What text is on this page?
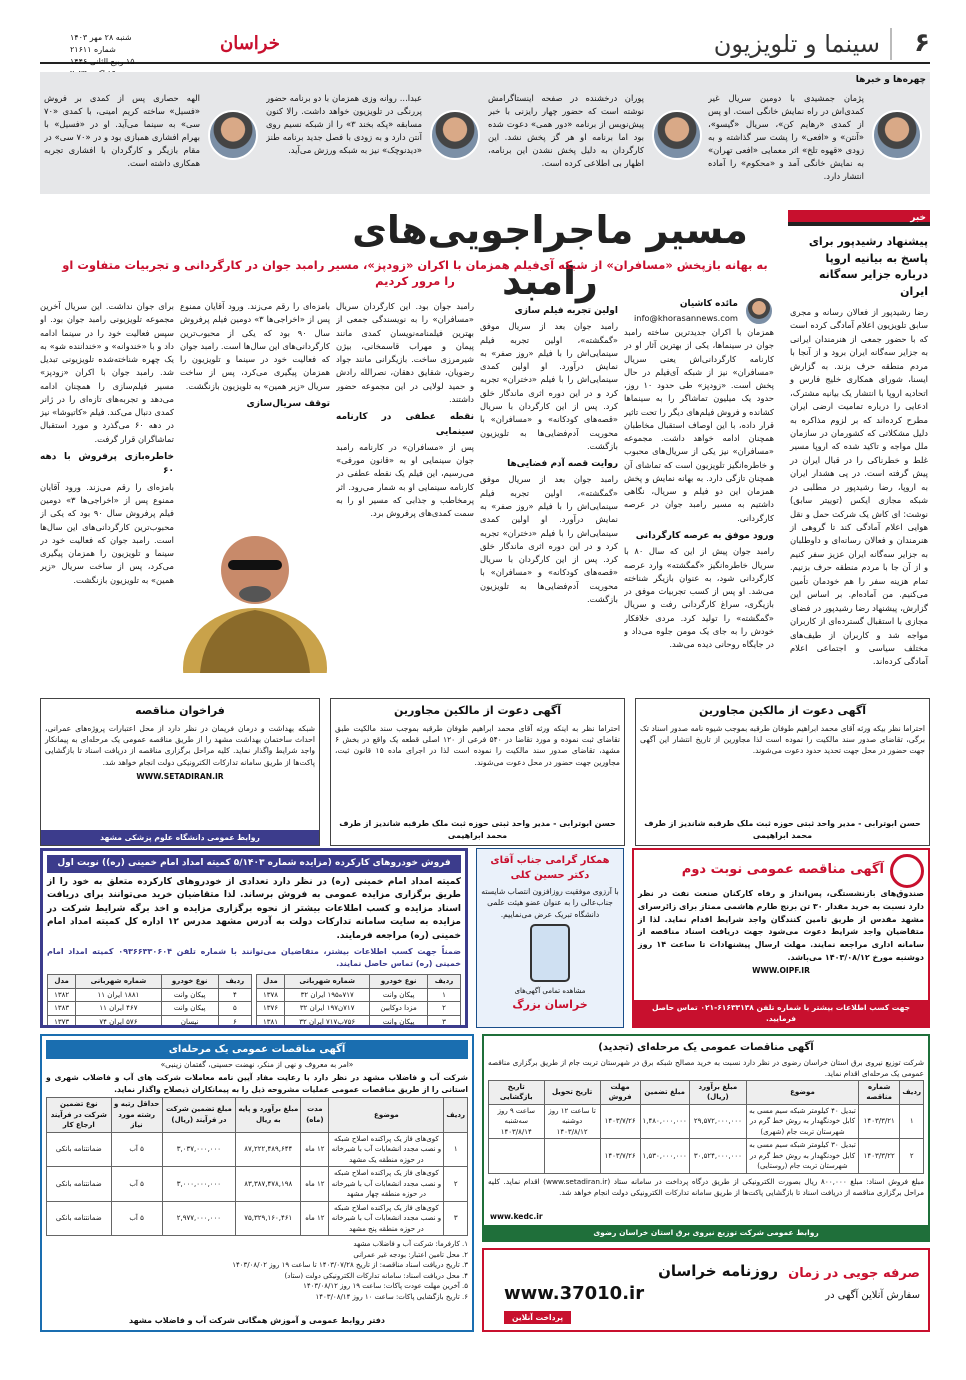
۶
سینما و تلویزیون
خراسان
شنبه ۲۸ مهر ۱۴۰۳
شماره ۲۱۶۱۱
۱۵ ربیع الثانی ۱۴۴۶
چهره‌ها و خبرها
پژمان جمشیدی با دومین سریال غیر کمدی‌اش در راه نمایش خانگی است. او پس از کمدی «رهایم کن»، سریال «گیسو»، «آنتن» و «افعی» را پشت سر گذاشته و به زودی «قهوه تلخ» اثر معمایی «افعی تهران» به نمایش خانگی آمد و «محکوم» را آماده انتشار دارد.
پوران درخشنده در صفحه اینستاگرامش نوشته است که حضور چهار رایزنی با خبر پیش‌نویس از برنامه «دور همی» دعوت شده بود اما برنامه او هر گز پخش نشد. این کارگردان به دلیل پخش نشدن این برنامه، اظهار بی اطلاعی کرده است.
عبدا... روانه وزی همزمان با دو برنامه حضور پررنگی در تلویزیون خواهد داشت. رالا کنون مسابقه «پکه بخند ۳» را از شبکه نسیم روی آنتن دارد و به زودی با فصل جدید برنامه طنز «دیدنوچک» نیز به شبکه ورزش می‌آید.
الهه حصاری پس از کمدی بر فروش «فسیل» ساخته کریم امینی، با کمدی «۷۰ سی» به سینما می‌آید. او در «فسیل» با بهرام افشاری همبازی بود و در «۷۰ سی» در مقام بازیگر و کارگردان با افشاری تجربه همکاری داشته است.
خبر
پیشنهاد رشیدپور برای پاسخ به بیانیه اروپا درباره جزایر سه‌گانه ایران

رضا رشیدپور از فعالان رسانه و مجری سابق تلویزیون اعلام آمادگی کرده است که با حضور جمعی از هنرمندان ایرانی به جزایر سه‌گانه ایران برود و از آنجا با مردم منطقه حرف بزند. به گزارش ایسنا، شورای همکاری خلیج فارس و اتحادیه اروپا با انتشار یک بیانیه مشترک، ادعایی را درباره تمامیت ارضی ایران مطرح کرده‌اند که بر لزوم مذاکره به دلیل مشکلاتی که کشورمان در سازمان ملل مواجه و تاکید شده که اروپا مسیر غلط و خطرناکی را در قبال ایران در پیش گرفته است. در پی هشدار ایران به اروپا، رضا رشیدپور در مطلبی در شبکه مجازی ایکس (توییتر سابق) نوشت: ای کاش یک شرکت حمل و نقل هوایی اعلام آمادگی کند تا گروهی از هنرمندان و فعالان رسانه‌ای و داوطلبان به جزایر سه‌گانه ایران عزیز سفر کنیم و از آن جا با مردم منطقه حرف بزنیم. تمام هزینه سفر را هم خودمان تأمین می‌کنیم. من آماده‌ام. بر اساس این گزارش، پیشنهاد رضا رشیدپور در فضای مجازی با استقبال گسترده‌ای از کاربران مواجه شد و کاربران از طیف‌های مختلف سیاسی و اجتماعی اعلام آمادگی کرده‌اند.

مسیر ماجراجویی‌های رامبد
به بهانه بازپخش «مسافران» از شبکه آی‌فیلم همزمان با اکران «زودپز»، مسیر رامبد جوان در کارگردانی و تجربیات متفاوت او را مرور کردیم
مائده کاشیان
info@khorasannews.com

همزمان با اکران جدیدترین ساخته رامبد جوان در سینماها، یکی از بهترین آثار او در کارنامه کارگردانی‌اش یعنی سریال «مسافران» نیز از شبکه آی‌فیلم در حال پخش است. «زودپز» طی حدود ۱۰ روز، حدود یک میلیون تماشاگر را به سینماها کشانده و فروش فیلم‌های دیگر را تحت تاثیر قرار داده، با این اوصاف استقبال مخاطبان همچنان ادامه خواهد داشت. مجموعه «مسافران» نیز یکی از سریال‌های محبوب و خاطره‌انگیز تلویزیون است که تماشای آن همچنان تازگی دارد. به بهانه نمایش و پخش همزمان این دو فیلم و سریال، نگاهی داشتیم به مسیر رامبد جوان در عرصه کارگردانی.

ورود موفق به عرصه کارگردانی

رامبد جوان پیش از این که سال ۸۰ با سریال خاطره‌انگیز «گمگشته» وارد عرصه کارگردانی شود، به عنوان بازیگر شناخته می‌شد. او پس از کسب تجربیات موفق در بازیگری، سراغ کارگردانی رفت و سریال «گمگشته» را تولید کرد. مردی خلافکار خودش را به جای یک مومن جلوه می‌داد و در جایگاه روحانی دیده می‌شد.

اولین تجربه فیلم سازی

رامبد جوان بعد از سریال موفق «گمگشته»، اولین تجربه فیلم سینمایی‌اش را با فیلم «روز صفر» به نمایش درآورد. او اولین کمدی سینمایی‌اش را با فیلم «دختران» تجربه کرد و در این دوره اثری ماندگار خلق کرد. پس از این کارگردان با سریال «قصه‌های کودکانه» و «مسافران» با محوریت آدم‌فضایی‌ها به تلویزیون بازگشت.

روایت قصه آدم فضایی‌ها

رامبد جوان بعد از سریال موفق «گمگشته»، اولین تجربه فیلم سینمایی‌اش را با فیلم «روز صفر» به نمایش درآورد. او اولین کمدی سینمایی‌اش را با فیلم «دختران» تجربه کرد و در این دوره اثری ماندگار خلق کرد. پس از این کارگردان با سریال «قصه‌های کودکانه» و «مسافران» با محوریت آدم‌فضایی‌ها به تلویزیون بازگشت.

رامبد جوان بود. این کارگردان سریال «مسافران» را به نویسندگی جمعی از بهترین فیلمنامه‌نویسان کمدی مانند پیمان و مهراب قاسمخانی، بیژن شیرمرزی ساخت. بازیگرانی مانند جواد رضویان، شقایق دهقان، نصرالله رادش و حمید لولایی در این مجموعه حضور داشتند.

نقطه عطفی در کارنامه سینمایی

پس از «مسافران» در کارنامه رامبد جوان سینمایی او به «قانون مورفی» می‌رسیم، این فیلم یک نقطه عطفی در کارنامه سینمایی او به شمار می‌رود. اثر پرمخاطب و جذابی که مسیر او را به سمت کمدی‌های پرفروش برد.

بامزه‌ای را رقم می‌زند. ورود آقایان ممنوع پس از «اخراجی‌ها ۳» دومین فیلم پرفروش سال ۹۰ بود که یکی از محبوب‌ترین کارگردانی‌های این سال‌ها است. رامبد جوان که فعالیت خود در سینما و تلویزیون را همزمان پیگیری می‌کرد، پس از ساخت سریال «زیر همین» به تلویزیون بازنگشت.

توقف سریال‌سازی

برای جوان نداشت. این سریال آخرین مجموعه تلویزیونی رامبد جوان بود. او سپس فعالیت خود را در سینما ادامه داد و با «خندوانه» و «خنداننده شو» به یک چهره شناخته‌شده تلویزیونی تبدیل شد. رامبد جوان با اکران «زودپز» مسیر فیلم‌سازی را همچنان ادامه می‌دهد و تجربه‌های تازه‌ای را در ژانر کمدی دنبال می‌کند. فیلم «کاتیوشا» نیز در دهه ۶۰ می‌گذرد و مورد استقبال تماشاگران قرار گرفت.

خاطره‌بازی پرفروش با دهه ۶۰

بامزه‌ای را رقم می‌زند. ورود آقایان ممنوع پس از «اخراجی‌ها ۳» دومین فیلم پرفروش سال ۹۰ بود که یکی از محبوب‌ترین کارگردانی‌های این سال‌ها است. رامبد جوان که فعالیت خود در سینما و تلویزیون را همزمان پیگیری می‌کرد، پس از ساخت سریال «زیر همین» به تلویزیون بازنگشت.

فراخوان مناقصه
شبکه بهداشت و درمان فریمان در نظر دارد از محل اعتبارات پروژه‌های عمرانی، احداث ساختمان بهداشت مشهد را از طریق مناقصه عمومی یک مرحله‌ای به پیمانکار واجد شرایط واگذار نماید. کلیه مراحل برگزاری مناقصه از دریافت اسناد تا بازگشایی پاکت‌ها از طریق سامانه تدارکات الکترونیکی دولت انجام خواهد شد.
WWW.SETADIRAN.IR
روابط عمومی دانشگاه علوم پزشکی مشهد
آگهی دعوت از مالکین مجاورین
احتراما نظر به اینکه ورثه آقای محمد ابراهیم طوفان طرقبه بموجب سند مالکیت طبق تقاضای ثبت نموده و مورد تقاضا در ۵۴۰ فرعی از ۱۲۰ اصلی قطعه یک واقع در بخش ۶ مشهد، تقاضای صدور سند مالکیت را نموده است لذا در اجرای ماده ۱۵ قانون ثبت، مجاورین جهت حضور در محل دعوت می‌شوند.
حسن ابوترابی - مدیر واحد ثبتی حوزه ثبت ملک طرقبه شاندیز از طرف محمد ابراهیمی
آگهی دعوت از مالکین مجاورین
احتراما نظر بیکه ورثه آقای محمد ابراهیم طوفان طرقبه بموجب شیوه نامه صدور اسناد تک برگی، تقاضای صدور سند مالکیت را نموده است لذا مجاورین از تاریخ انتشار این آگهی جهت حضور در محل جهت تحدید حدود دعوت می‌شوند.
حسن ابوترابی - مدیر واحد ثبتی حوزه ثبت ملک طرقبه شاندیز از طرف محمد ابراهیمی
فروش خودروهای کارکرده (مزایده شماره ۵/۱۴۰۳ کمیته امداد امام خمینی (ره)) نوبت اول
کمیته امداد امام خمینی (ره) در نظر دارد تعدادی از خودروهای کارکرده متعلق به خود را از طریق برگزاری مزایده عمومی به فروش برساند. لذا متقاضیان خرید می‌توانند برای دریافت اسناد مزایده و کسب اطلاعات بیشتر از نحوه برگزاری مزایده و اخذ برگه شرایط شرکت در مزایده به سایت سامانه تدارکات دولت به آدرس مشهد مدرس ۱۲ اداره کل کمیته امداد امام خمینی (ره) مراجعه فرمایند.
ضمناً جهت کسب اطلاعات بیشتر، متقاضیان می‌توانند با شماره تلفن ۰۹۳۶۶۳۳۰۶۰۴ کمیته امداد امام خمینی (ره) تماس حاصل نمایند.
ردیف	نوع خودرو	شماره شهربانی	مدل
۱	پیکان وانت	۷۱۷ه۱۹۵ ایران ۳۲	۱۳۷۸
۲	مزدا دوکابین	۷۱۷ن۱۹۷ ایران ۳۲	۱۳۷۶
۳	پیکان وانت	۷۵۶ب۷۱۷ ایران ۳۲	۱۳۸۱
ردیف	نوع خودرو	شماره شهربانی	مدل
۴	پیکان وانت	۱۸۸۱ ایران ۱۱	۱۳۸۲
۵	پیکان وانت	۴۶۷ ایران ۱۱	۱۳۸۳
۶	نیسان	۵۷۶ ایران ۷۴	۱۳۷۳
همکار گرامی جناب آقای دکتر حسین کلی
با آرزوی موفقیت روزافزون انتصاب شایسته جناب‌عالی را به عنوان عضو هیئت علمی دانشگاه تبریک عرض می‌نماییم.
مشاهده تمامی آگهی‌های
خراسان بزرگ
آگهی مناقصه عمومی نوبت دوم
صندوق‌های بازنشستگی، پس‌انداز و رفاه کارکنان صنعت نفت در نظر دارد نسبت به خرید مقدار ۳۰ تن برنج طارم هاشمی ممتاز برای زائرسرای مشهد مقدس از طریق تامین کنندگان واجد شرایط اقدام نماید. لذا از متقاضیان واجد شرایط دعوت می‌شود جهت دریافت اسناد مناقصه از سامانه اداری مراجعه نمایند. مهلت ارسال پیشنهادات تا ساعت ۱۴ روز دوشنبه مورخ ۱۴۰۳/۰۸/۱۲ می‌باشد.
WWW.OIPF.IR
جهت کسب اطلاعات بیشتر با شماره تلفن ۶۱۶۳۳۱۳۸-۰۲۱ تماس حاصل فرمایید.
آگهی مناقصات عمومی یک مرحله‌ای
«امر به معروف و نهی از منکر، نهضت حسینی، گفتمان زینبی»
شرکت آب و فاضلاب مشهد در نظر دارد با رعایت مفاد آیین نامه معاملات شرکت های آب و فاضلاب شهری و استانی را از طریق مناقصات عمومی عملیات مشروحه ذیل را به پیمانکاران ذیصلاح واگذار نماید.
ردیف	موضوع	مدت (ماه)	مبلغ برآورد و پایه به ریال	مبلغ تضمین شرکت در فرآیند (ریال)	حداقل رتبه و رشته مورد نیاز	نوع تضمین شرکت در فرآیند ارجاع کار
۱	کوی‌های فاز یک پراکنده اصلاح شبکه و نصب مجدد انشعابات آب با شیرخانه در حوزه منطقه یک مشهد	۱۲ ماه	۸۷,۲۲۲,۴۸۹,۶۴۴	۳,۰۳۷,۰۰۰,۰۰۰	۵ آب	ضمانتنامه بانکی
۲	کوی‌های فاز یک پراکنده اصلاح شبکه و نصب مجدد انشعابات آب با شیرخانه در حوزه منطقه چهار مشهد	۱۲ ماه	۸۳,۳۸۷,۴۷۸,۱۹۸	۳,۰۰۰,۰۰۰,۰۰۰	۵ آب	ضمانتنامه بانکی
۳	کوی‌های فاز یک پراکنده اصلاح شبکه و نصب مجدد انشعابات آب با شیرخانه در حوزه منطقه پنج مشهد	۱۲ ماه	۷۵,۳۲۹,۱۶۰,۴۶۱	۲,۹۷۷,۰۰۰,۰۰۰	۵ آب	ضمانتنامه بانکی
۱. کارفرما: شرکت آب و فاضلاب مشهد
۲. محل تامین اعتبار: بودجه غیر عمرانی
۳. تاریخ دریافت اسناد مناقصه: از تاریخ ۱۴۰۳/۰۷/۲۸ تا ساعت ۱۹ روز ۱۴۰۳/۰۸/۰۲
۴. محل دریافت اسناد: سامانه تدارکات الکترونیکی دولت (ستاد)
۵. آخرین مهلت عودت پاکات: ساعت ۱۹ روز ۱۴۰۳/۰۸/۱۲
۶. تاریخ بازگشایی پاکات: ساعت ۱۰ روز ۱۴۰۳/۰۸/۱۴
دفتر روابط عمومی و آموزش همگانی شرکت آب و فاضلاب مشهد
آگهی مناقصات عمومی یک مرحله‌ای (تجدید)
شرکت توزیع نیروی برق استان خراسان رضوی در نظر دارد نسبت به خرید مصالح شبکه برق در شهرستان تربت جام از طریق برگزاری مناقصه عمومی یک مرحله‌ای اقدام نماید.
ردیف	شماره مناقصه	موضوع	مبلغ برآورد (ریال)	مبلغ تضمین	مهلت فروش	تاریخ تحویل	تاریخ بازگشایی
۱	۱۴۰۳/۳/۲۱	تبدیل ۴۰ کیلومتر شبکه سیم مسی به کابل خودنگهدار به روش خط گرم در شهرستان تربت جام (شهری)	۲۹,۵۷۲,۰۰۰,۰۰۰	۱,۴۸۰,۰۰۰,۰۰۰	۱۴۰۳/۷/۲۶	تا ساعت ۱۲ روز دوشنبه ۱۴۰۳/۸/۱۲	ساعت ۹ روز سه‌شنبه ۱۴۰۳/۸/۱۴
۲	۱۴۰۳/۳/۲۲	تبدیل ۳۰ کیلومتر شبکه سیم مسی به کابل خودنگهدار به روش خط گرم در شهرستان تربت جام (روستایی)	۳۰,۵۲۴,۰۰۰,۰۰۰	۱,۵۳۰,۰۰۰,۰۰۰	۱۴۰۳/۷/۲۶		
مبلغ فروش اسناد: مبلغ ۸۰۰,۰۰۰ ریال بصورت الکترونیکی از طریق درگاه پرداخت در سامانه ستاد (www.setadiran.ir) اقدام نماید. کلیه مراحل برگزاری مناقصه از دریافت اسناد تا بازگشایی پاکت‌ها از طریق سامانه تدارکات الکترونیکی دولت انجام خواهد شد.
www.kedc.ir
روابط عمومی شرکت توزیع نیروی برق استان خراسان رضوی
صرفه جویی در زمان
سفارش آنلاین آگهی در
روزنامه خراسان
www.37010.ir
پرداخت آنلاین
